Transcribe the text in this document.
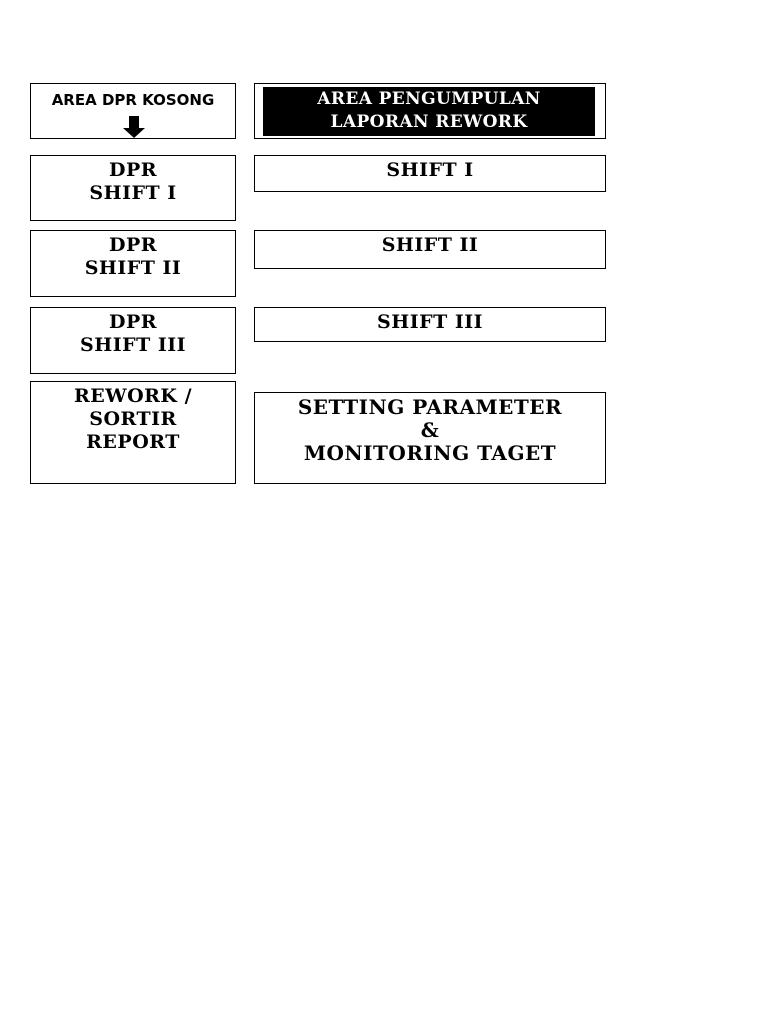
AREA DPR KOSONG	AREA PENGUMPULAN
LAPORAN REWORK
DPR
SHIFT I
SHIFT I
DPR
SHIFT II
SHIFT II
DPR
SHIFT III
SHIFT III
REWORK /
SORTIR
REPORT
SETTING PARAMETER
&
MONITORING TAGET
